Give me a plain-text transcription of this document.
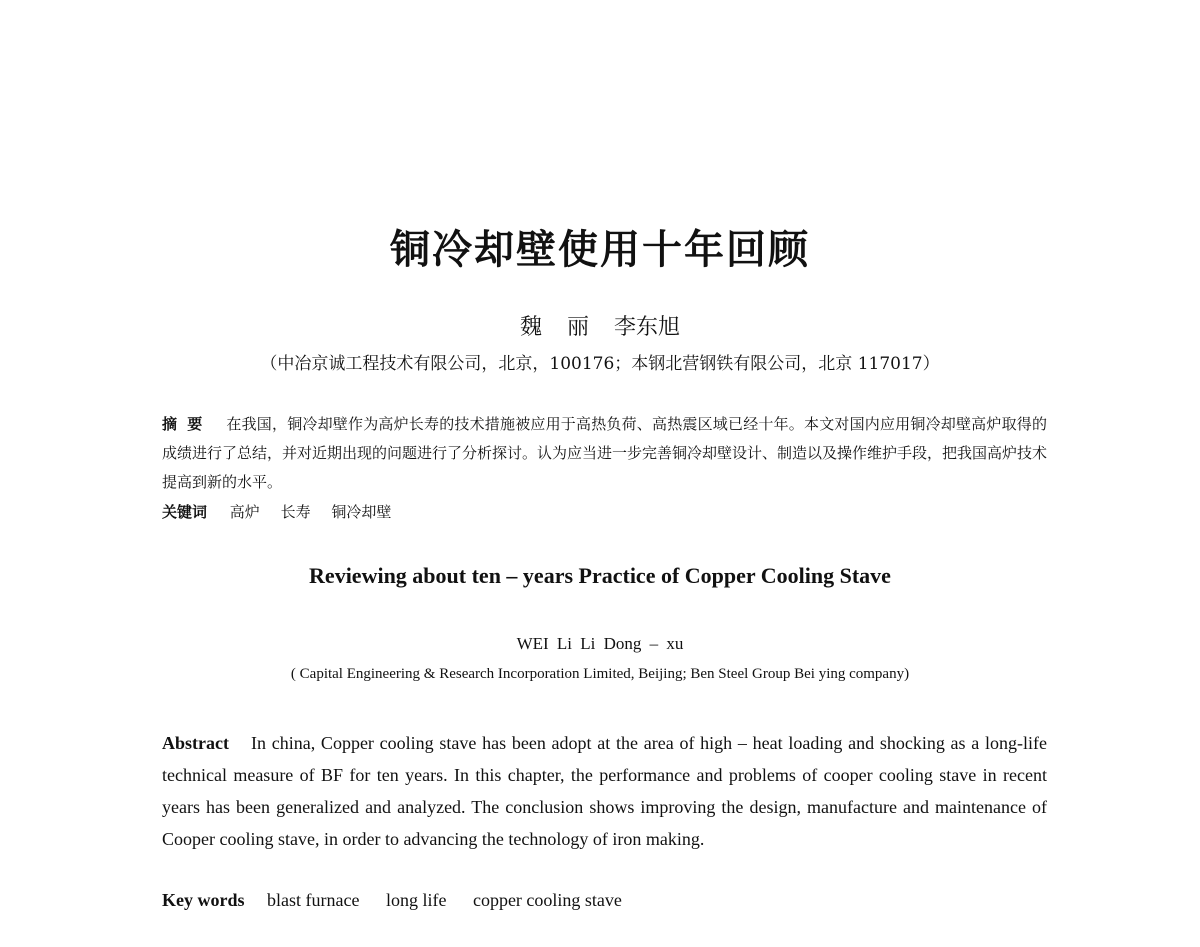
铜冷却壁使用十年回顾
魏 丽 李东旭
（中冶京诚工程技术有限公司，北京，100176；本钢北营钢铁有限公司，北京 117017）
摘要 在我国，铜冷却壁作为高炉长寿的技术措施被应用于高热负荷、高热震区域已经十年。本文对国内应用铜冷却壁高炉取得的成绩进行了总结，并对近期出现的问题进行了分析探讨。认为应当进一步完善铜冷却壁设计、制造以及操作维护手段，把我国高炉技术提高到新的水平。
关键词 高炉 长寿 铜冷却壁
Reviewing about ten – years Practice of Copper Cooling Stave
WEI Li Li Dong – xu
( Capital Engineering & Research Incorporation Limited, Beijing; Ben Steel Group Bei ying company)
Abstract In china, Copper cooling stave has been adopt at the area of high – heat loading and shocking as a long-life technical measure of BF for ten years. In this chapter, the performance and problems of cooper cooling stave in recent years has been generalized and analyzed. The conclusion shows improving the design, manufacture and maintenance of Cooper cooling stave, in order to advancing the technology of iron making.
Key words blast furnace long life copper cooling stave
